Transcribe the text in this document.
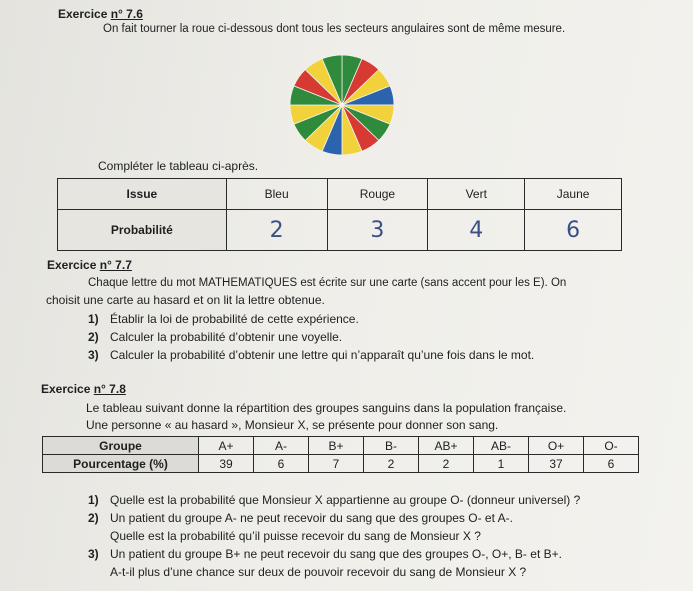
Exercice n° 7.6
On fait tourner la roue ci-dessous dont tous les secteurs angulaires sont de même mesure.
Compléter le tableau ci-après.
Issue	Bleu	Rouge	Vert	Jaune
Probabilité	2	3	4	6
Exercice n° 7.7
Chaque lettre du mot MATHEMATIQUES est écrite sur une carte (sans accent pour les E). On
choisit une carte au hasard et on lit la lettre obtenue.
1) Établir la loi de probabilité de cette expérience.
2) Calculer la probabilité d’obtenir une voyelle.
3) Calculer la probabilité d’obtenir une lettre qui n’apparaît qu’une fois dans le mot.
Exercice n° 7.8
Le tableau suivant donne la répartition des groupes sanguins dans la population française.
Une personne « au hasard », Monsieur X, se présente pour donner son sang.
Groupe	A+	A-	B+	B-	AB+	AB-	O+	O-
Pourcentage (%)	39	6	7	2	2	1	37	6
1) Quelle est la probabilité que Monsieur X appartienne au groupe O- (donneur universel) ?
2) Un patient du groupe A- ne peut recevoir du sang que des groupes O- et A-.
Quelle est la probabilité qu’il puisse recevoir du sang de Monsieur X ?
3) Un patient du groupe B+ ne peut recevoir du sang que des groupes O-, O+, B- et B+.
A-t-il plus d’une chance sur deux de pouvoir recevoir du sang de Monsieur X ?
